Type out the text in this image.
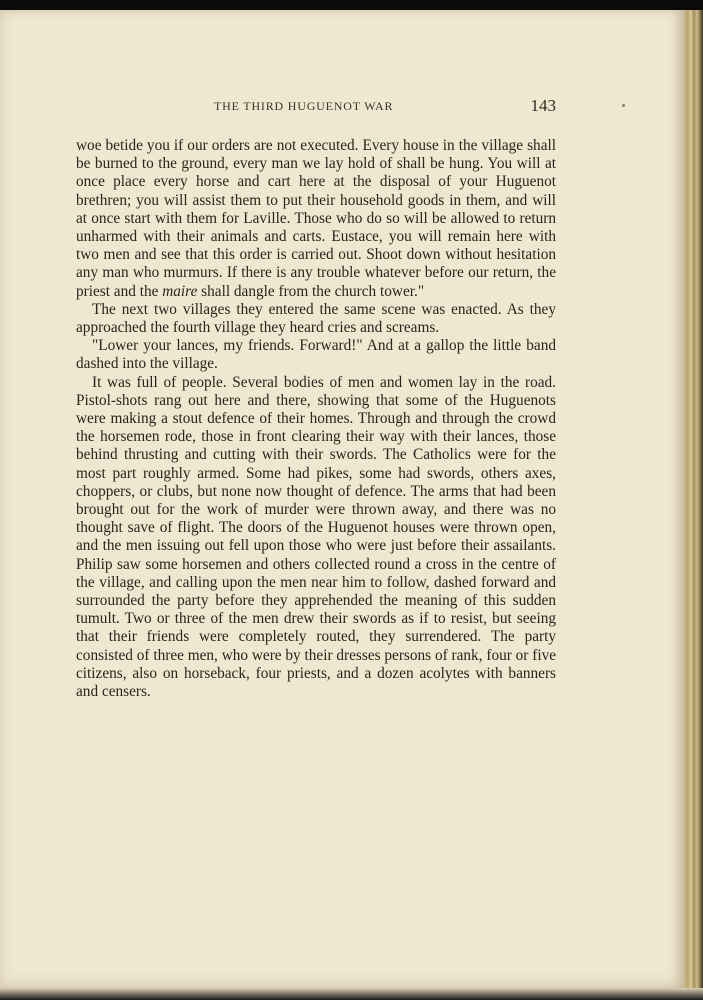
THE THIRD HUGUENOT WAR	143

woe betide you if our orders are not executed. Every house in the village shall be burned to the ground, every man we lay hold of shall be hung. You will at once place every horse and cart here at the disposal of your Huguenot brethren; you will assist them to put their household goods in them, and will at once start with them for Laville. Those who do so will be allowed to return unharmed with their animals and carts. Eustace, you will remain here with two men and see that this order is carried out. Shoot down without hesitation any man who murmurs. If there is any trouble whatever before our return, the priest and the maire shall dangle from the church tower."

The next two villages they entered the same scene was enacted. As they approached the fourth village they heard cries and screams.

"Lower your lances, my friends. Forward!" And at a gallop the little band dashed into the village.

It was full of people. Several bodies of men and women lay in the road. Pistol-shots rang out here and there, showing that some of the Huguenots were making a stout defence of their homes. Through and through the crowd the horsemen rode, those in front clearing their way with their lances, those behind thrusting and cutting with their swords. The Catholics were for the most part roughly armed. Some had pikes, some had swords, others axes, choppers, or clubs, but none now thought of defence. The arms that had been brought out for the work of murder were thrown away, and there was no thought save of flight. The doors of the Huguenot houses were thrown open, and the men issuing out fell upon those who were just before their assailants. Philip saw some horsemen and others collected round a cross in the centre of the village, and calling upon the men near him to follow, dashed forward and surrounded the party before they apprehended the meaning of this sudden tumult. Two or three of the men drew their swords as if to resist, but seeing that their friends were completely routed, they surrendered. The party consisted of three men, who were by their dresses persons of rank, four or five citizens, also on horseback, four priests, and a dozen acolytes with banners and censers.
